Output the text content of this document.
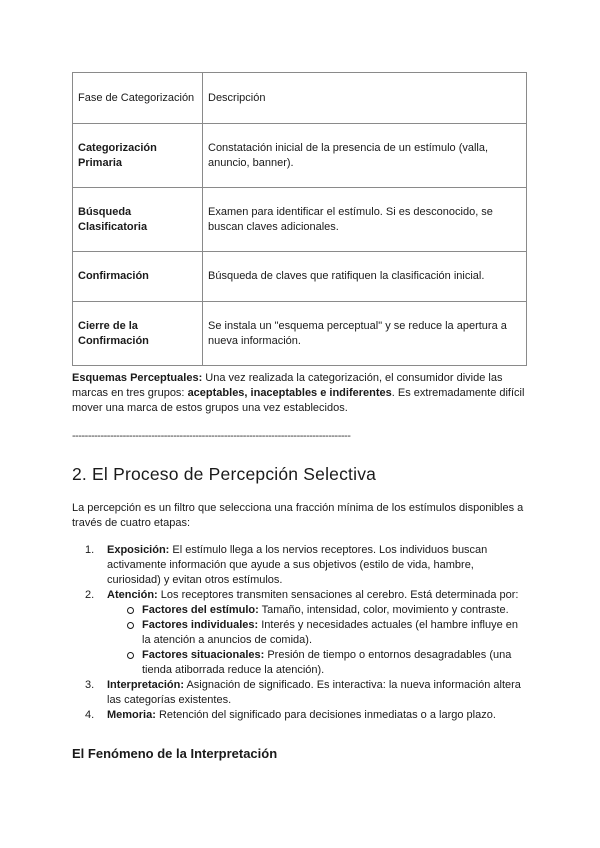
Fase de Categorización	Descripción
Categorización
Primaria	Constatación inicial de la presencia de un estímulo (valla, anuncio, banner).
Búsqueda
Clasificatoria	Examen para identificar el estímulo. Si es desconocido, se buscan claves adicionales.
Confirmación	Búsqueda de claves que ratifiquen la clasificación inicial.
Cierre de la
Confirmación	Se instala un "esquema perceptual" y se reduce la apertura a nueva información.

Esquemas Perceptuales: Una vez realizada la categorización, el consumidor divide las marcas en tres grupos: aceptables, inaceptables e indiferentes. Es extremadamente difícil mover una marca de estos grupos una vez establecidos.

----------------------------------------------------------------------------------------
2. El Proceso de Percepción Selectiva

La percepción es un filtro que selecciona una fracción mínima de los estímulos disponibles a través de cuatro etapas:

1. Exposición: El estímulo llega a los nervios receptores. Los individuos buscan activamente información que ayude a sus objetivos (estilo de vida, hambre, curiosidad) y evitan otros estímulos.
2. Atención: Los receptores transmiten sensaciones al cerebro. Está determinada por:
Factores del estímulo: Tamaño, intensidad, color, movimiento y contraste.
Factores individuales: Interés y necesidades actuales (el hambre influye en la atención a anuncios de comida).
Factores situacionales: Presión de tiempo o entornos desagradables (una tienda atiborrada reduce la atención).
3. Interpretación: Asignación de significado. Es interactiva: la nueva información altera las categorías existentes.
4. Memoria: Retención del significado para decisiones inmediatas o a largo plazo.
El Fenómeno de la Interpretación
